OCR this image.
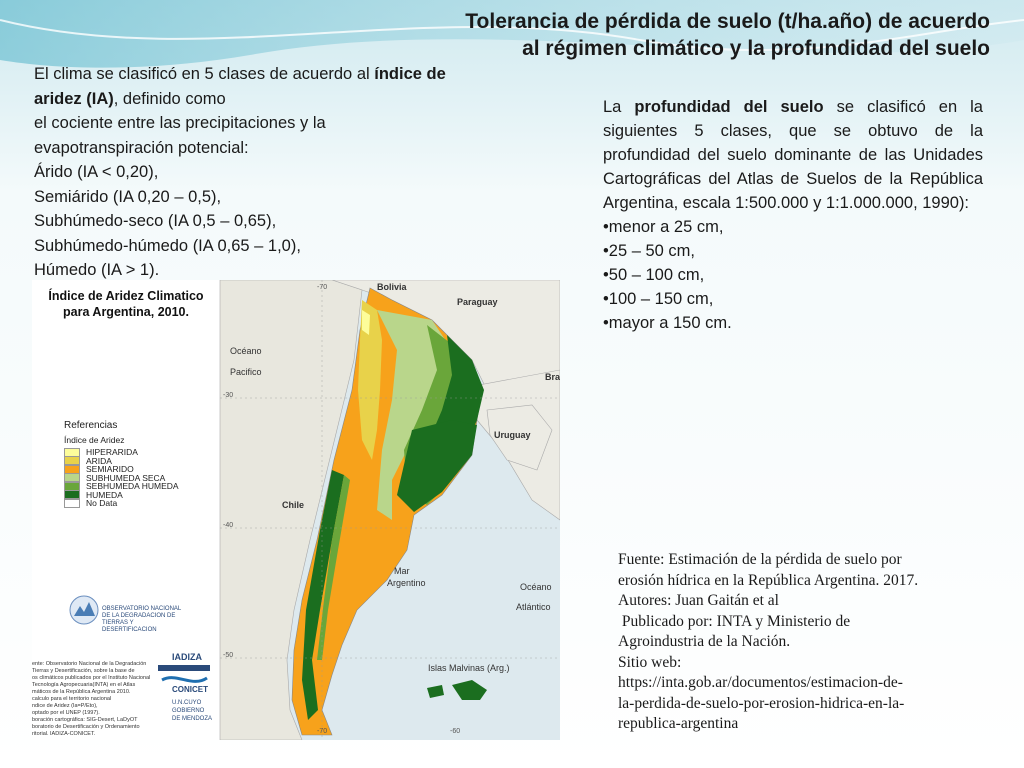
Tolerancia de pérdida de suelo (t/ha.año) de acuerdo
al régimen climático y la profundidad del suelo
El clima se clasificó en 5 clases de acuerdo al índice de
aridez (IA), definido como
el cociente entre las precipitaciones y la
evapotranspiración potencial:
Árido (IA < 0,20),
Semiárido (IA 0,20 – 0,5),
Subhúmedo-seco (IA 0,5 – 0,65),
Subhúmedo-húmedo (IA 0,65 – 1,0),
Húmedo (IA > 1).
La profundidad del suelo se clasificó en la siguientes 5 clases, que se obtuvo de la profundidad del suelo dominante de las Unidades Cartográficas del Atlas de Suelos de la República Argentina, escala 1:500.000 y 1:1.000.000, 1990):
•menor a 25 cm,
•25 – 50 cm,
•50 – 100 cm,
•100 – 150 cm,
•mayor a 150 cm.
Fuente: Estimación de la pérdida de suelo por
erosión hídrica en la República Argentina. 2017.
Autores: Juan Gaitán et al
Publicado por: INTA y Ministerio de
Agroindustria de la Nación.
Sitio web:
https://inta.gob.ar/documentos/estimacion-de-
la-perdida-de-suelo-por-erosion-hidrica-en-la-
republica-argentina
Índice de Aridez Climatico
para Argentina, 2010.
Referencias
Índice de Aridez
HIPERARIDA
ARIDA
SEMIARIDO
SUBHUMEDA SECA
SEBHUMEDA HUMEDA
HUMEDA
No Data
ente: Observatorio Nacional de la Degradación
Tierras y Desertificación, sobre la base de
os climáticos publicados por el Instituto Nacional
Tecnología Agropecuaria(INTA) en el Atlas
máticos de la República Argentina 2010.
calculo para el territorio nacional
ndice de Aridez (Ia=P/Eto),
optado por el UNEP (1997).
boración cartográfica: SIG-Desert, LaDyOT
boratorio de Desertificación y Ordenamiento
ritorial. IADIZA-CONICET.
Bolivia
Paraguay
Océano
Pacifico	Bra
Uruguay
Chile
Mar
Argentino	Océano
Atlántico
Islas Malvinas (Arg.)
-70
-70	-60
-30
-40
-50
OBSERVATORIO NACIONAL DE LA DEGRADACION DE TIERRAS Y DESERTIFICACION
IADIZA
CONICET
U.N.CUYO
GOBIERNO
DE MENDOZA
